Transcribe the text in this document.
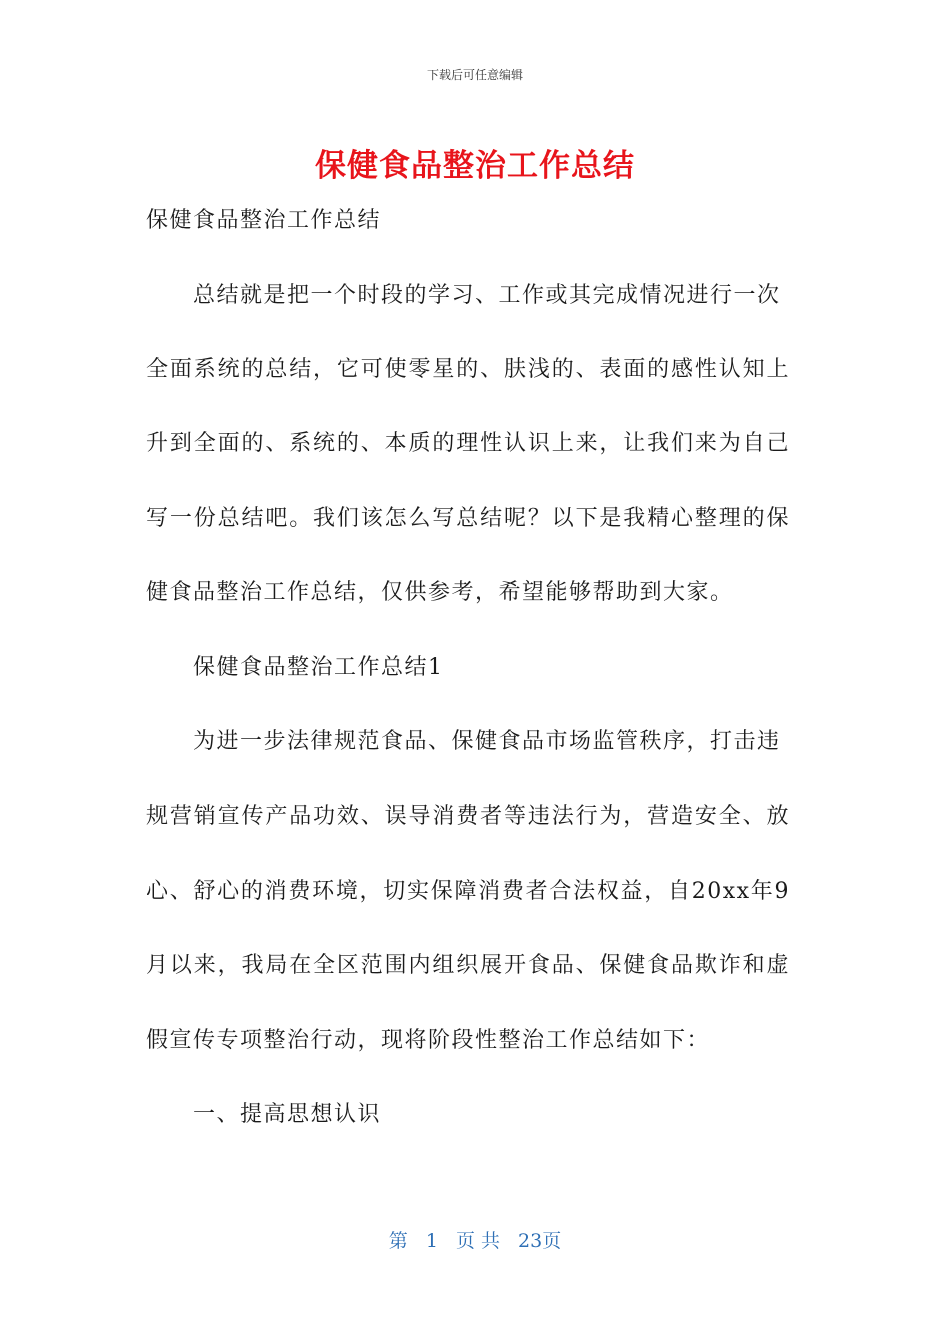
下载后可任意编辑
保健食品整治工作总结
保健食品整治工作总结
总结就是把一个时段的学习、工作或其完成情况进行一次
全面系统的总结，它可使零星的、肤浅的、表面的感性认知上
升到全面的、系统的、本质的理性认识上来，让我们来为自己
写一份总结吧。我们该怎么写总结呢？以下是我精心整理的保
健食品整治工作总结，仅供参考，希望能够帮助到大家。
保健食品整治工作总结1
为进一步法律规范食品、保健食品市场监管秩序，打击违
规营销宣传产品功效、误导消费者等违法行为，营造安全、放
心、舒心的消费环境，切实保障消费者合法权益，自20xx年9
月以来，我局在全区范围内组织展开食品、保健食品欺诈和虚
假宣传专项整治行动，现将阶段性整治工作总结如下：
一、提高思想认识
第 1 页 共 23页
